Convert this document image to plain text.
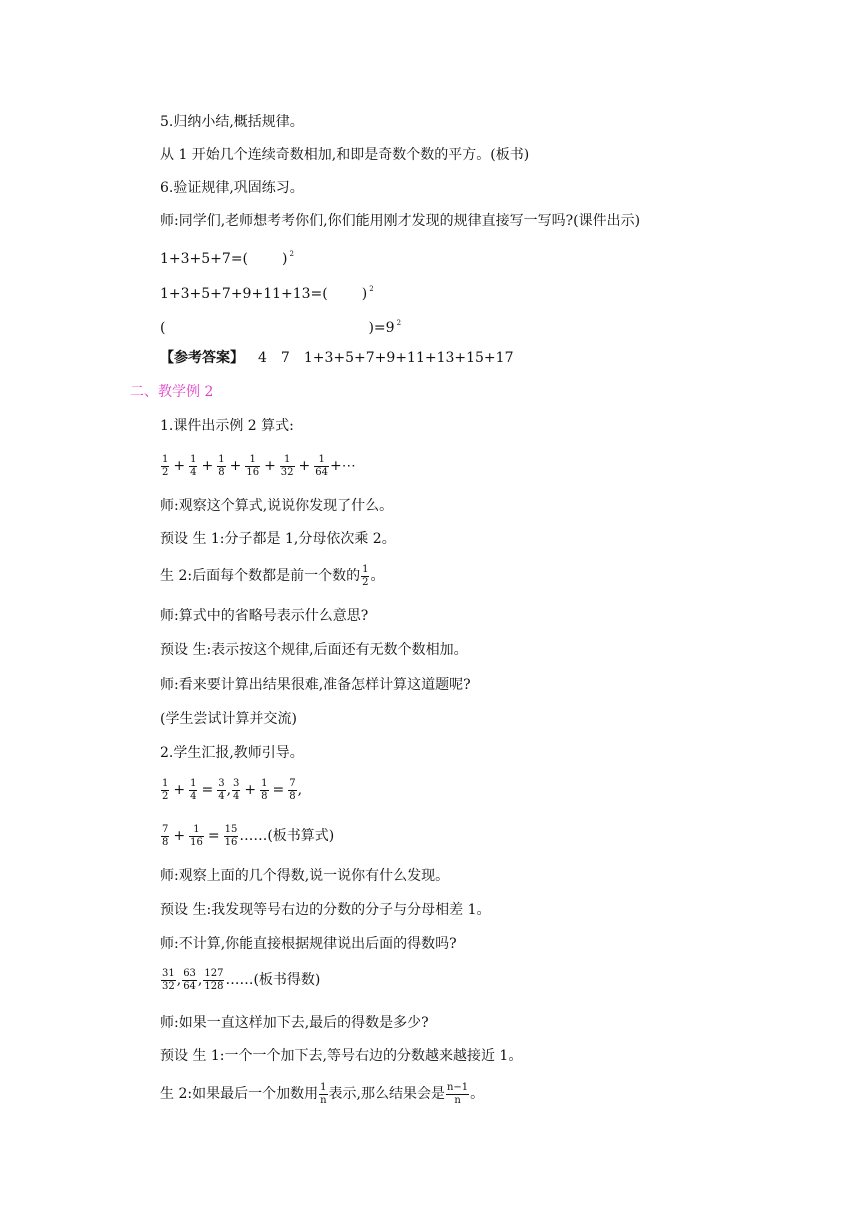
5.归纳小结,概括规律。
从 1 开始几个连续奇数相加,和即是奇数个数的平方。(板书)
6.验证规律,巩固练习。
师:同学们,老师想考考你们,你们能用刚才发现的规律直接写一写吗?(课件出示)
1+3+5+7=( ) $^2$
1+3+5+7+9+11+13=( ) $^2$
(	)=9 $^2$
【参考答案】 4 7 1+3+5+7+9+11+13+15+17
二、教学例 2
1.课件出示例 2 算式:
$\frac{1}{2} + \frac{1}{4} + \frac{1}{8} + \frac{1}{16} + \frac{1}{32} + \frac{1}{64}$ +⋯
师:观察这个算式,说说你发现了什么。
预设 生 1:分子都是 1,分母依次乘 2。
生 2:后面每个数都是前一个数的 $\frac{1}{2}$ 。
师:算式中的省略号表示什么意思?
预设 生:表示按这个规律,后面还有无数个数相加。
师:看来要计算出结果很难,准备怎样计算这道题呢?
(学生尝试计算并交流)
2.学生汇报,教师引导。
$\frac{1}{2} + \frac{1}{4} = \frac{3}{4}$ , $\frac{3}{4} + \frac{1}{8} = \frac{7}{8}$ ,
$\frac{7}{8} + \frac{1}{16} = \frac{15}{16}$ ……(板书算式)
师:观察上面的几个得数,说一说你有什么发现。
预设 生:我发现等号右边的分数的分子与分母相差 1。
师:不计算,你能直接根据规律说出后面的得数吗?
$\frac{31}{32}$ , $\frac{63}{64}$ , $\frac{127}{128}$ ……(板书得数)
师:如果一直这样加下去,最后的得数是多少?
预设 生 1:一个一个加下去,等号右边的分数越来越接近 1。
生 2:如果最后一个加数用 $\frac{1}{n}$ 表示,那么结果会是 $\frac{n-1}{n}$ 。
